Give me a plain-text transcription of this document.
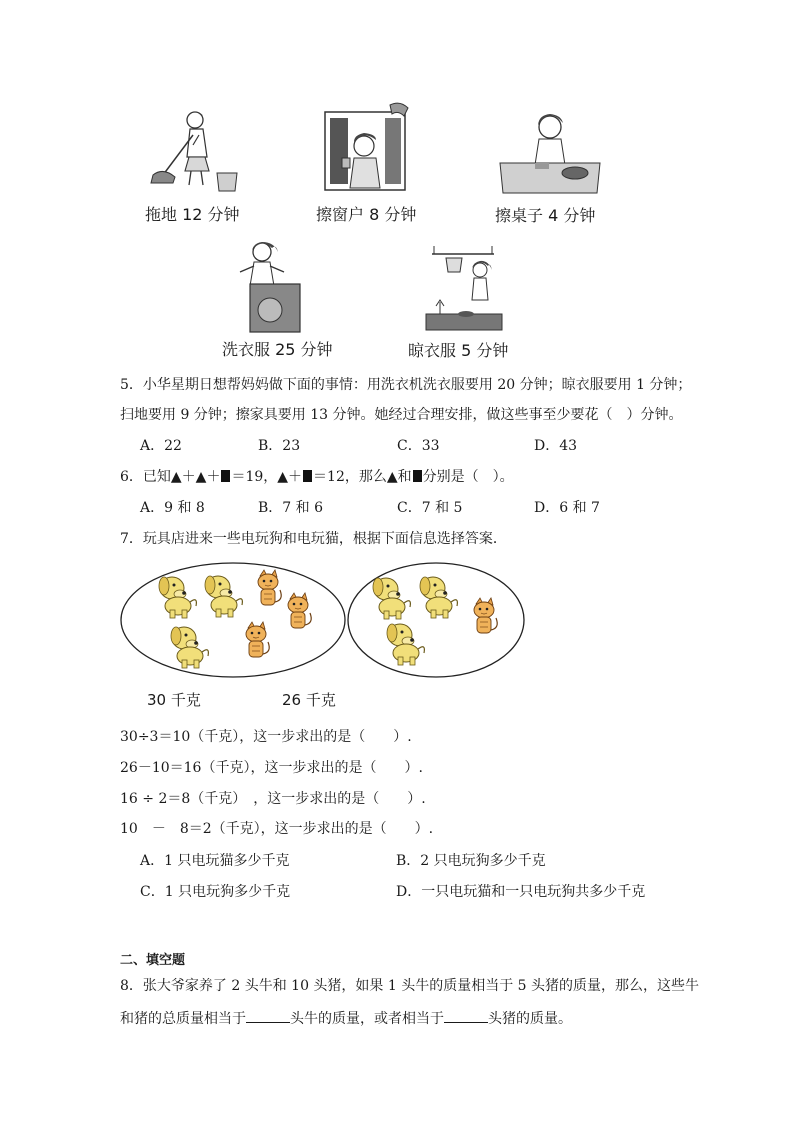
拖地 12 分钟	擦窗户 8 分钟	擦桌子 4 分钟
洗衣服 25 分钟	晾衣服 5 分钟
5．小华星期日想帮妈妈做下面的事情：用洗衣机洗衣服要用 20 分钟；晾衣服要用 1 分钟；
扫地要用 9 分钟；擦家具要用 13 分钟。她经过合理安排，做这些事至少要花（　）分钟。
A．22	B．23	C．33	D．43
6．已知▲＋▲＋ ＝19，▲＋ ＝12，那么▲和 分别是（　）。
A．9 和 8	B．7 和 6	C．7 和 5	D．6 和 7
7．玩具店进来一些电玩狗和电玩猫，根据下面信息选择答案．
30 千克	26 千克
30÷3＝10（千克），这一步求出的是（　　）.
26－10＝16（千克），这一步求出的是（　　）.
16 ÷ 2＝8（千克）　，这一步求出的是（　　）.
10　－　8＝2（千克），这一步求出的是（　　）.
A．1 只电玩猫多少千克	B．2 只电玩狗多少千克
C．1 只电玩狗多少千克	D．一只电玩猫和一只电玩狗共多少千克
二、填空题
8．张大爷家养了 2 头牛和 10 头猪，如果 1 头牛的质量相当于 5 头猪的质量，那么，这些牛
和猪的总质量相当于	头牛的质量，或者相当于	头猪的质量。
